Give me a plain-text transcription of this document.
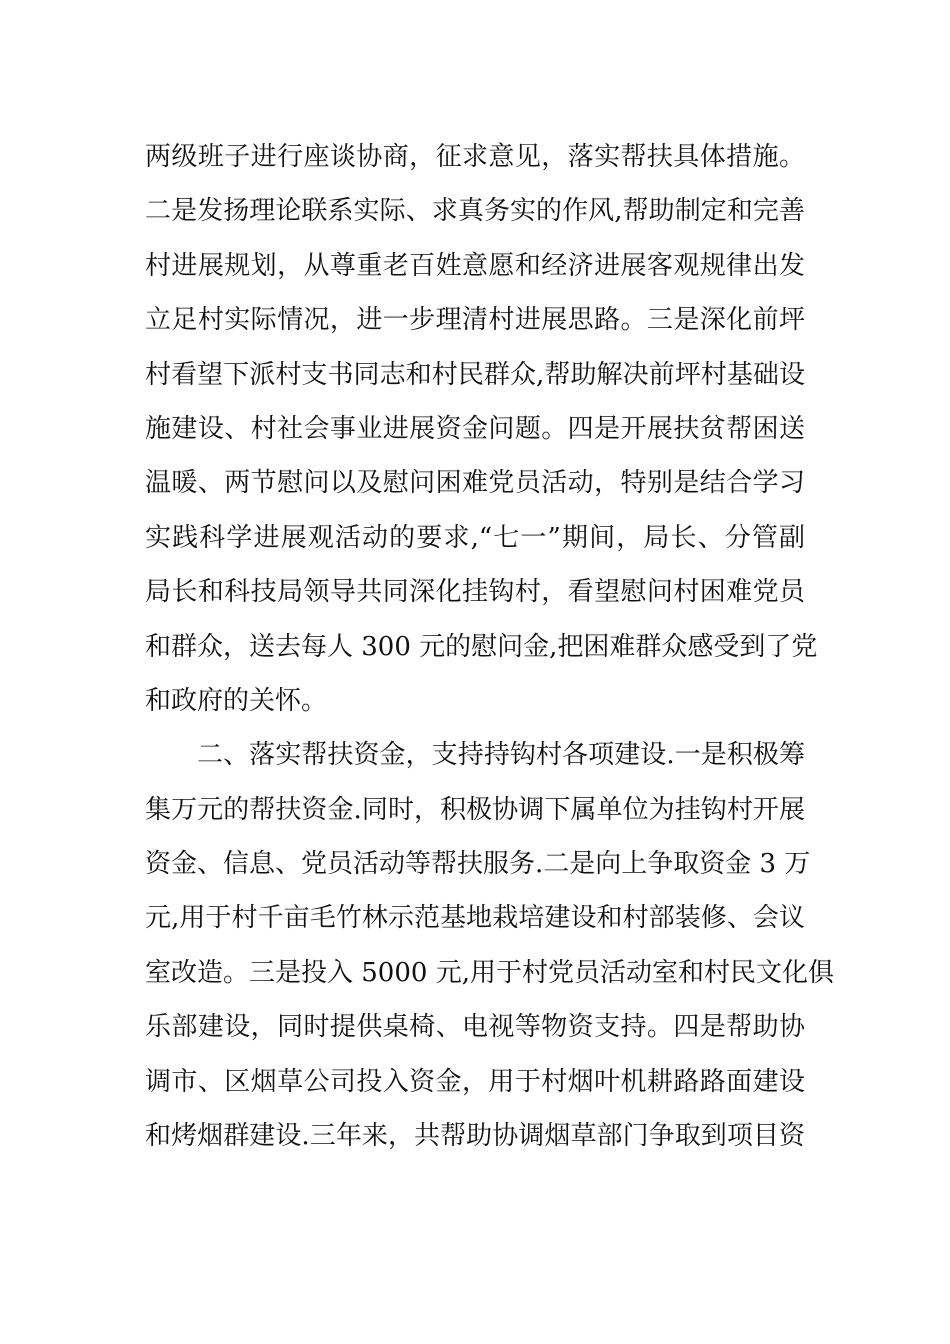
两级班子进行座谈协商，征求意见，落实帮扶具体措施。
二是发扬理论联系实际、求真务实的作风,帮助制定和完善
村进展规划，从尊重老百姓意愿和经济进展客观规律出发
立足村实际情况，进一步理清村进展思路。三是深化前坪
村看望下派村支书同志和村民群众,帮助解决前坪村基础设
施建设、村社会事业进展资金问题。四是开展扶贫帮困送
温暖、两节慰问以及慰问困难党员活动，特别是结合学习
实践科学进展观活动的要求,“七一”期间，局长、分管副
局长和科技局领导共同深化挂钩村，看望慰问村困难党员
和群众，送去每人 300 元的慰问金,把困难群众感受到了党
和政府的关怀。
二、落实帮扶资金，支持持钩村各项建设.一是积极筹
集万元的帮扶资金.同时，积极协调下属单位为挂钩村开展
资金、信息、党员活动等帮扶服务.二是向上争取资金 3 万
元,用于村千亩毛竹林示范基地栽培建设和村部装修、会议
室改造。三是投入 5000 元,用于村党员活动室和村民文化俱
乐部建设，同时提供桌椅、电视等物资支持。四是帮助协
调市、区烟草公司投入资金，用于村烟叶机耕路路面建设
和烤烟群建设.三年来，共帮助协调烟草部门争取到项目资
